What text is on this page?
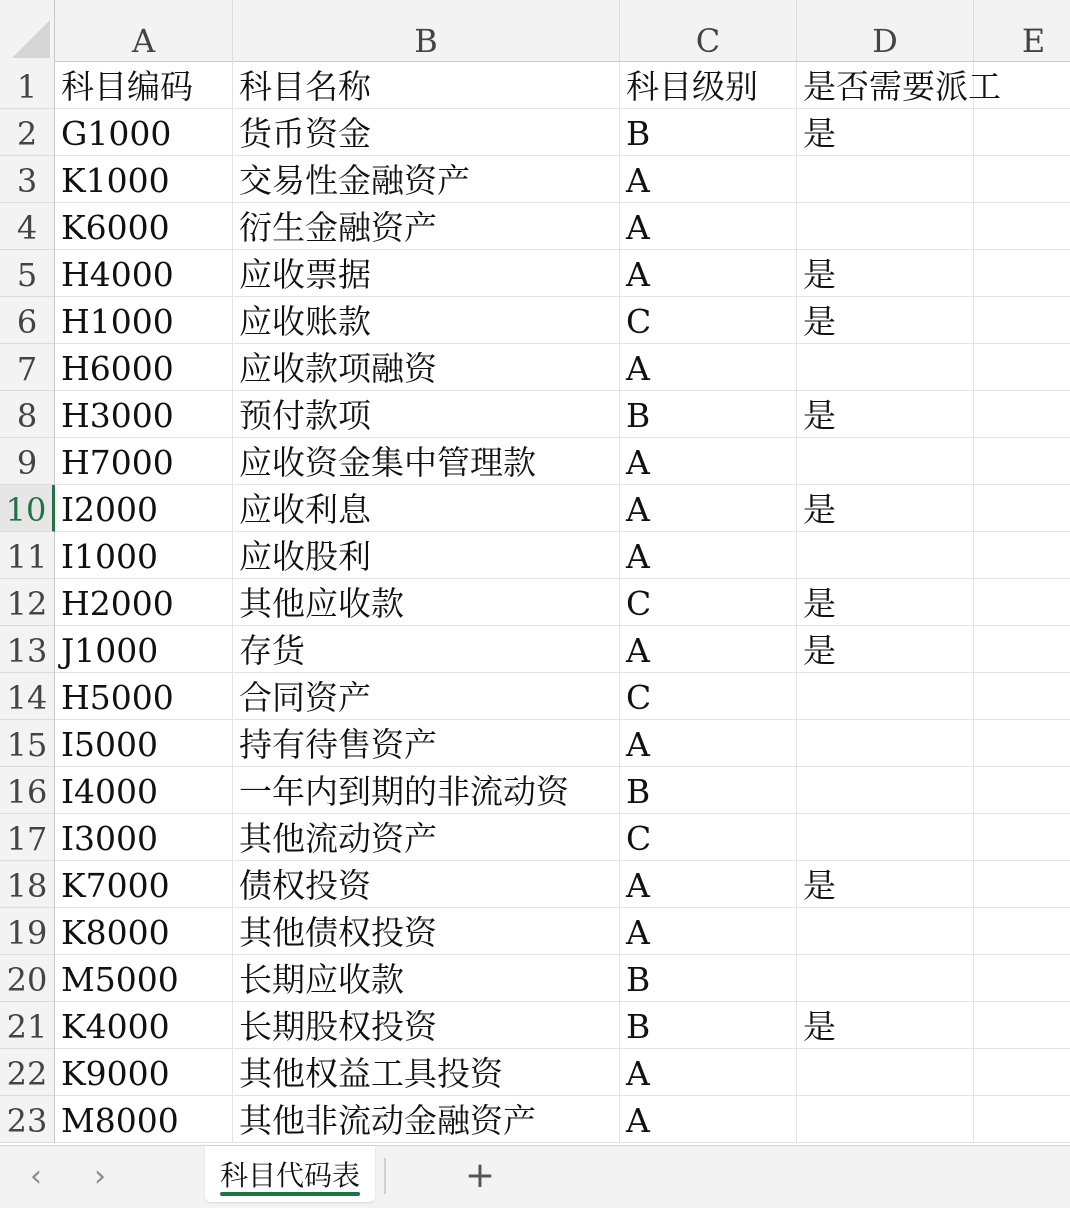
A	B	C	D	E
1 科目编码	科目名称	科目级别	是否需要派工
2 G1000	货币资金	B	是
3 K1000	交易性金融资产	A
4 K6000	衍生金融资产	A
5 H4000	应收票据	A	是
6 H1000	应收账款	C	是
7 H6000	应收款项融资	A
8 H3000	预付款项	B	是
9 H7000	应收资金集中管理款	A
10 I2000	应收利息	A	是
11 I1000	应收股利	A
12 H2000	其他应收款	C	是
13 J1000	存货	A	是
14 H5000	合同资产	C
15 I5000	持有待售资产	A
16 I4000	一年内到期的非流动资	B
17 I3000	其他流动资产	C
18 K7000	债权投资	A	是
19 K8000	其他债权投资	A
20 M5000	长期应收款	B
21 K4000	长期股权投资	B	是
22 K9000	其他权益工具投资	A
23 M8000	其他非流动金融资产	A
‹	›	科目代码表	+
